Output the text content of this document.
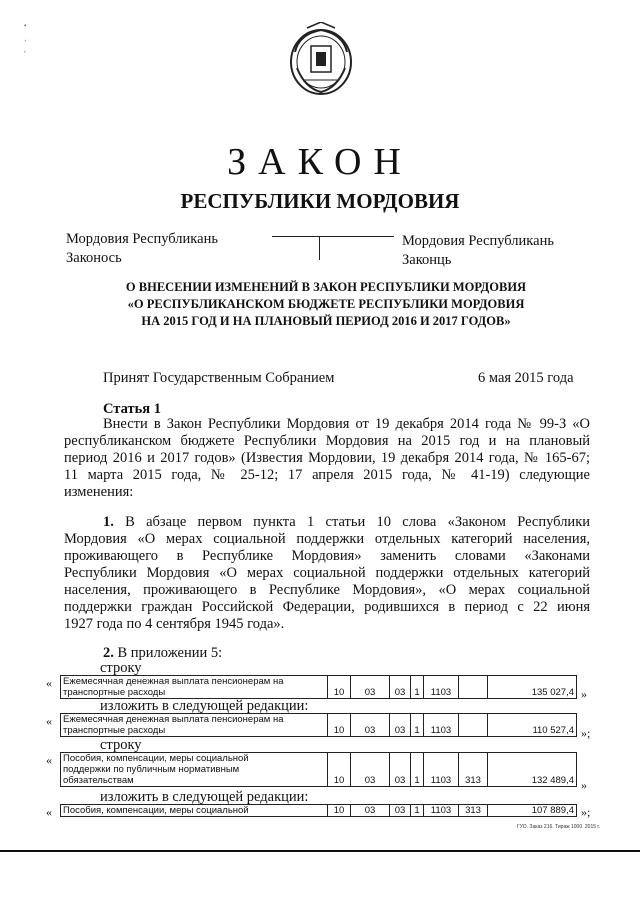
•
¸
,
ЗАКОН
РЕСПУБЛИКИ МОРДОВИЯ
Мордовия Республикань
Законось
Мордовия Республикань
Законць
О ВНЕСЕНИИ ИЗМЕНЕНИЙ В ЗАКОН РЕСПУБЛИКИ МОРДОВИЯ
«О РЕСПУБЛИКАНСКОМ БЮДЖЕТЕ РЕСПУБЛИКИ МОРДОВИЯ
НА 2015 ГОД И НА ПЛАНОВЫЙ ПЕРИОД 2016 И 2017 ГОДОВ»
Принят Государственным Собранием	6 мая 2015 года
Статья 1
Внести в Закон Республики Мордовия от 19 декабря 2014 года № 99-З «О
республиканском бюджете Республики Мордовия на 2015 год и на плановый
период 2016 и 2017 годов» (Известия Мордовии, 19 декабря 2014 года, № 165-67;
11 марта 2015 года, № 25-12; 17 апреля 2015 года, № 41-19) следующие
изменения:
1. В абзаце первом пункта 1 статьи 10 слова «Законом Республики
Мордовия «О мерах социальной поддержки отдельных категорий населения,
проживающего в Республике Мордовия» заменить словами «Законами
Республики Мордовия «О мерах социальной поддержки отдельных категорий
населения, проживающего в Республике Мордовия», «О мерах социальной
поддержки граждан Российской Федерации, родившихся в период с 22 июня
1927 года по 4 сентября 1945 года».
2. В приложении 5:
строку
« Ежемесячная денежная выплата пенсионерам на
транспортные расходы	10	03	03	1	1103		135 027,4 »
изложить в следующей редакции:
« Ежемесячная денежная выплата пенсионерам на
транспортные расходы	10	03	03	1	1103		110 527,4 »;
строку
« Пособия, компенсации, меры социальной
поддержки по публичным нормативным
обязательствам	10	03	03	1	1103	313	132 489,4 »
изложить в следующей редакции:
« Пособия, компенсации, меры социальной	10	03	03	1	1103	313	107 889,4 »;
ГУО. Заказ 216. Тираж 1000. 2015 г.
